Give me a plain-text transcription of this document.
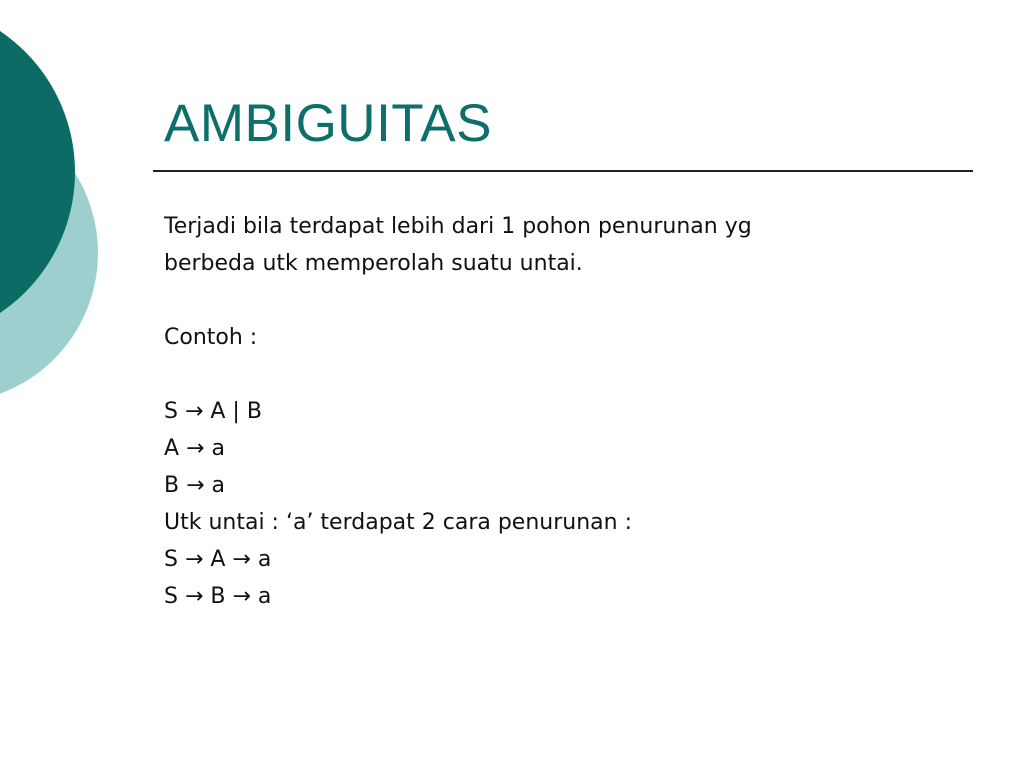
AMBIGUITAS
Terjadi bila terdapat lebih dari 1 pohon penurunan yg
berbeda utk memperolah suatu untai.
Contoh :
S → A | B
A → a
B → a
Utk untai : ‘a’ terdapat 2 cara penurunan :
S → A → a
S → B → a
